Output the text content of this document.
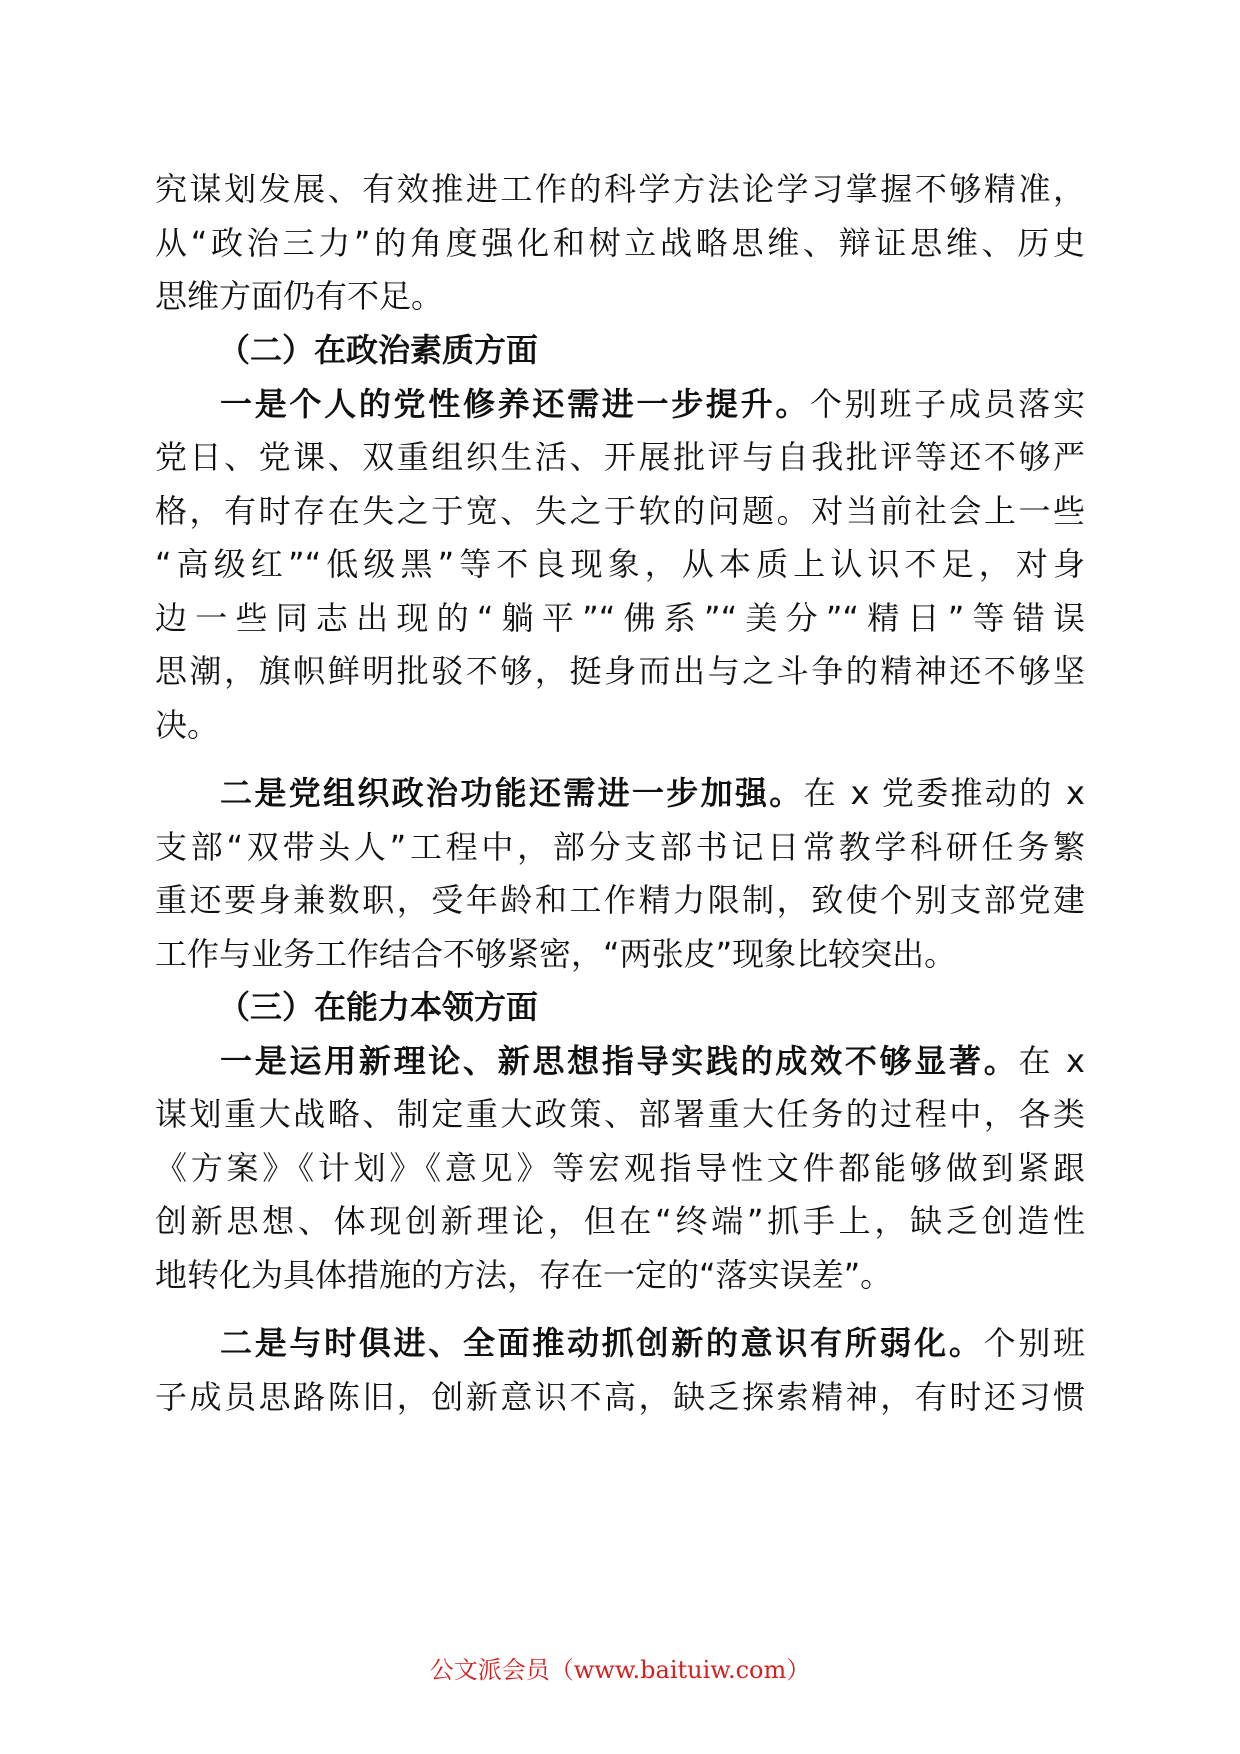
究谋划发展、有效推进工作的科学方法论学习掌握不够精准，
从“政治三力”的角度强化和树立战略思维、辩证思维、历史
思维方面仍有不足。
（二）在政治素质方面
一是个人的党性修养还需进一步提升。个别班子成员落实
党日、党课、双重组织生活、开展批评与自我批评等还不够严
格，有时存在失之于宽、失之于软的问题。对当前社会上一些
“高级红”“低级黑”等不良现象，从本质上认识不足，对身
边一些同志出现的“躺平”“佛系”“美分”“精日”等错误
思潮，旗帜鲜明批驳不够，挺身而出与之斗争的精神还不够坚
决。
二是党组织政治功能还需进一步加强。在 x 党委推动的 x
支部“双带头人”工程中，部分支部书记日常教学科研任务繁
重还要身兼数职，受年龄和工作精力限制，致使个别支部党建
工作与业务工作结合不够紧密，“两张皮”现象比较突出。
（三）在能力本领方面
一是运用新理论、新思想指导实践的成效不够显著。在 x
谋划重大战略、制定重大政策、部署重大任务的过程中，各类
《方案》《计划》《意见》等宏观指导性文件都能够做到紧跟
创新思想、体现创新理论，但在“终端”抓手上，缺乏创造性
地转化为具体措施的方法，存在一定的“落实误差”。
二是与时俱进、全面推动抓创新的意识有所弱化。个别班
子成员思路陈旧，创新意识不高，缺乏探索精神，有时还习惯
公文派会员（www.baituiw.com）
